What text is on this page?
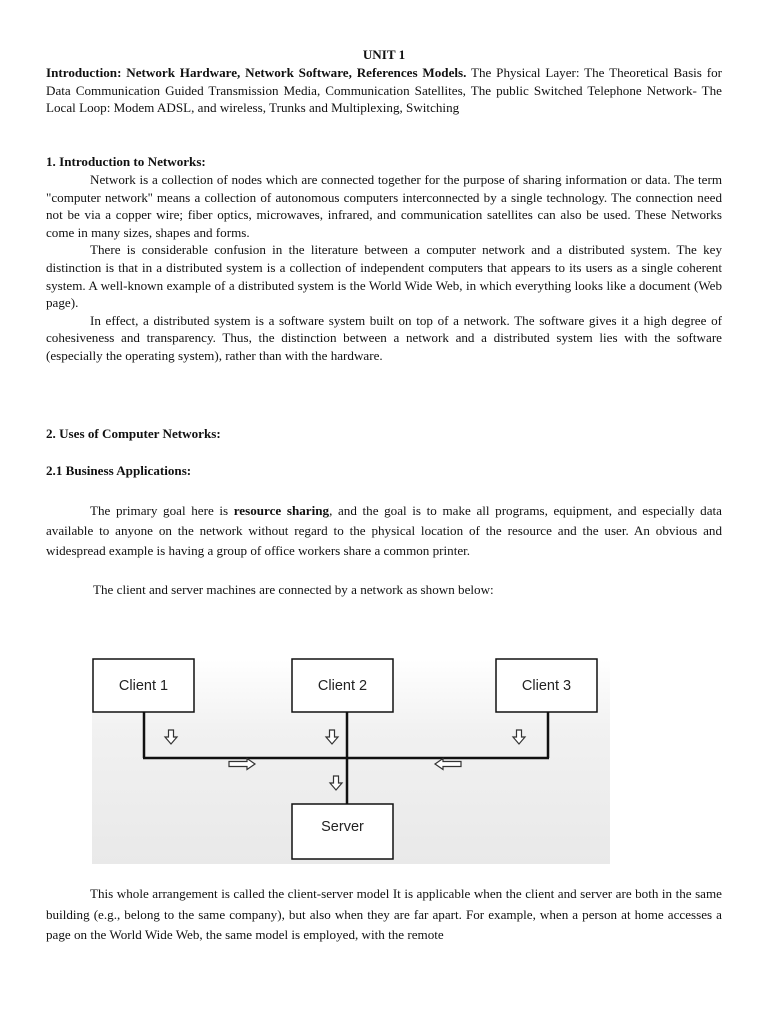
UNIT 1
Introduction: Network Hardware, Network Software, References Models. The Physical Layer: The Theoretical Basis for Data Communication Guided Transmission Media, Communication Satellites, The public Switched Telephone Network- The Local Loop: Modem ADSL, and wireless, Trunks and Multiplexing, Switching
1. Introduction to Networks:

Network is a collection of nodes which are connected together for the purpose of sharing information or data. The term "computer network'' means a collection of autonomous computers interconnected by a single technology. The connection need not be via a copper wire; fiber optics, microwaves, infrared, and communication satellites can also be used. These Networks come in many sizes, shapes and forms.

There is considerable confusion in the literature between a computer network and a distributed system. The key distinction is that in a distributed system is a collection of independent computers that appears to its users as a single coherent system. A well-known example of a distributed system is the World Wide Web, in which everything looks like a document (Web page).

In effect, a distributed system is a software system built on top of a network. The software gives it a high degree of cohesiveness and transparency. Thus, the distinction between a network and a distributed system lies with the software (especially the operating system), rather than with the hardware.

2. Uses of Computer Networks:
2.1 Business Applications:
The primary goal here is resource sharing, and the goal is to make all programs, equipment, and especially data available to anyone on the network without regard to the physical location of the resource and the user. An obvious and widespread example is having a group of office workers share a common printer.
The client and server machines are connected by a network as shown below:
Client 1	Client 2	Client 3
Server
This whole arrangement is called the client-server model It is applicable when the client and server are both in the same building (e.g., belong to the same company), but also when they are far apart. For example, when a person at home accesses a page on the World Wide Web, the same model is employed, with the remote
